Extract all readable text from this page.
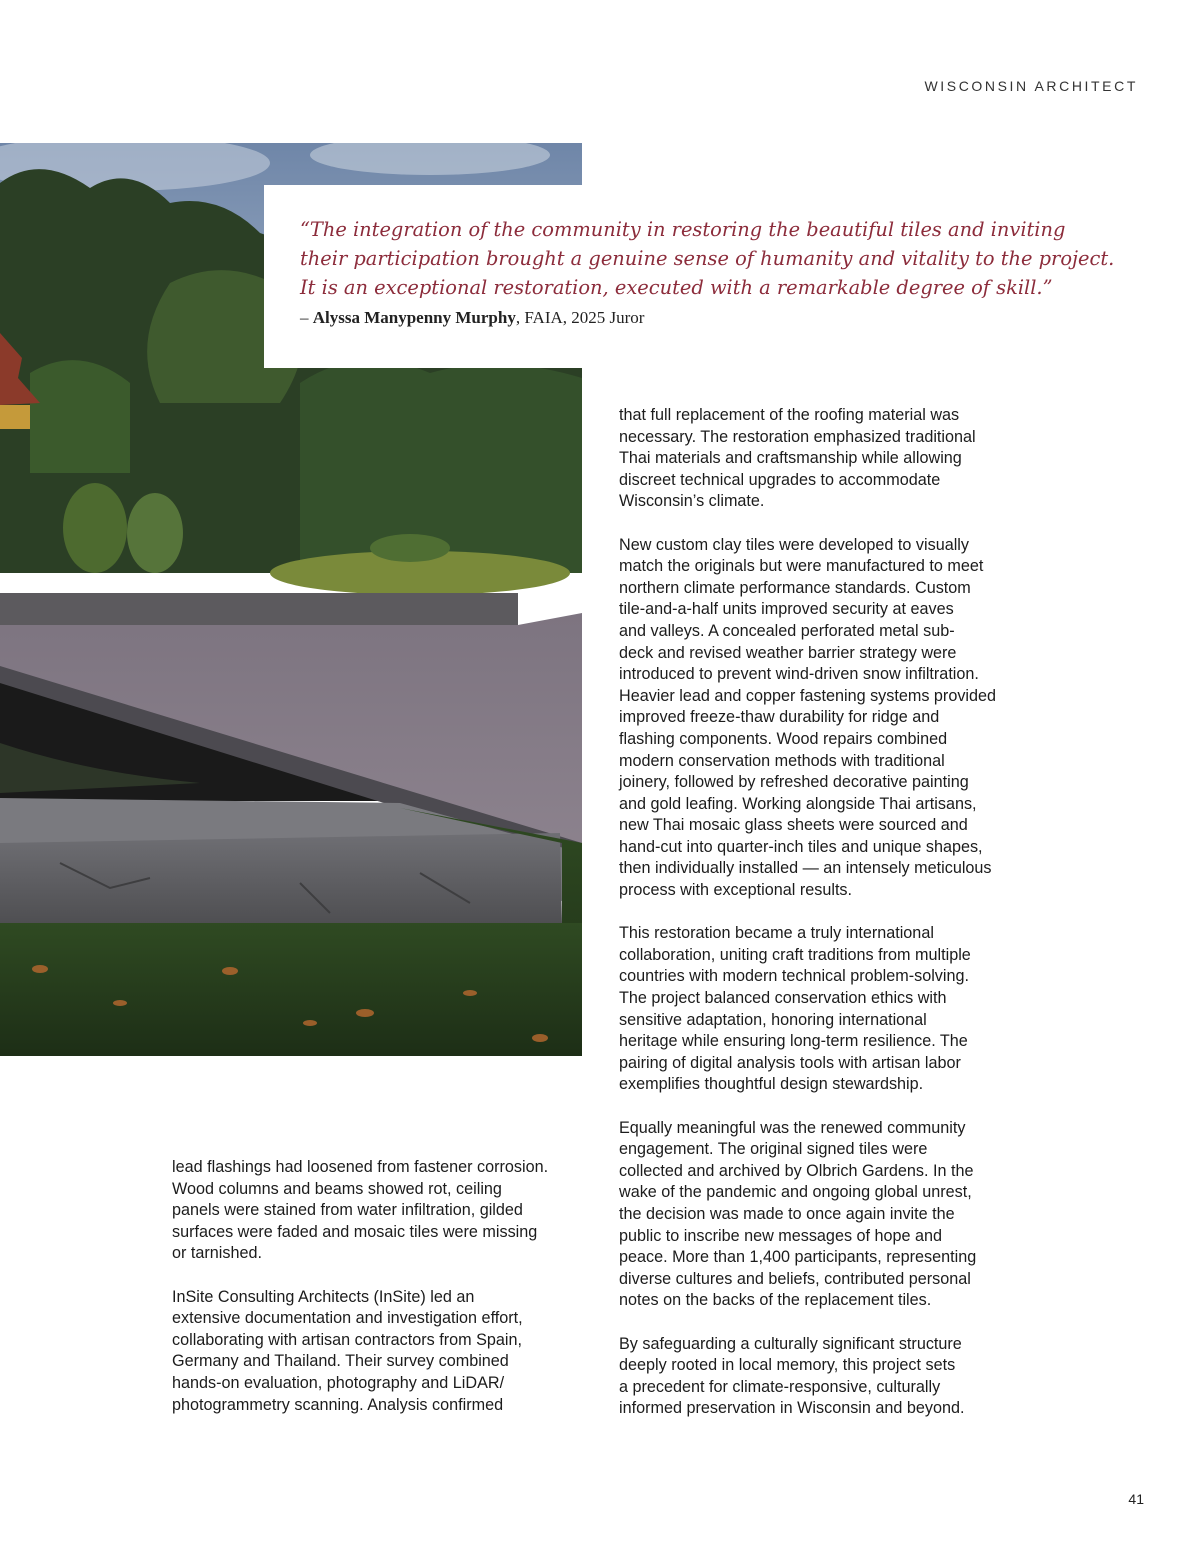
WISCONSIN ARCHITECT

“The integration of the community in restoring the beautiful tiles and inviting
their participation brought a genuine sense of humanity and vitality to the project.
It is an exceptional restoration, executed with a remarkable degree of skill.”

– Alyssa Manypenny Murphy, FAIA, 2025 Juror

that full replacement of the roofing material was
necessary. The restoration emphasized traditional
Thai materials and craftsmanship while allowing
discreet technical upgrades to accommodate
Wisconsin’s climate.

New custom clay tiles were developed to visually
match the originals but were manufactured to meet
northern climate performance standards. Custom
tile-and-a-half units improved security at eaves
and valleys. A concealed perforated metal sub-
deck and revised weather barrier strategy were
introduced to prevent wind-driven snow infiltration.
Heavier lead and copper fastening systems provided
improved freeze-thaw durability for ridge and
flashing components. Wood repairs combined
modern conservation methods with traditional
joinery, followed by refreshed decorative painting
and gold leafing. Working alongside Thai artisans,
new Thai mosaic glass sheets were sourced and
hand-cut into quarter-inch tiles and unique shapes,
then individually installed — an intensely meticulous
process with exceptional results.

This restoration became a truly international
collaboration, uniting craft traditions from multiple
countries with modern technical problem-solving.
The project balanced conservation ethics with
sensitive adaptation, honoring international
heritage while ensuring long-term resilience. The
pairing of digital analysis tools with artisan labor
exemplifies thoughtful design stewardship.

Equally meaningful was the renewed community
engagement. The original signed tiles were
collected and archived by Olbrich Gardens. In the
wake of the pandemic and ongoing global unrest,
the decision was made to once again invite the
public to inscribe new messages of hope and
peace. More than 1,400 participants, representing
diverse cultures and beliefs, contributed personal
notes on the backs of the replacement tiles.

By safeguarding a culturally significant structure
deeply rooted in local memory, this project sets
a precedent for climate-responsive, culturally
informed preservation in Wisconsin and beyond.

lead flashings had loosened from fastener corrosion.
Wood columns and beams showed rot, ceiling
panels were stained from water infiltration, gilded
surfaces were faded and mosaic tiles were missing
or tarnished.

InSite Consulting Architects (InSite) led an
extensive documentation and investigation effort,
collaborating with artisan contractors from Spain,
Germany and Thailand. Their survey combined
hands-on evaluation, photography and LiDAR/
photogrammetry scanning. Analysis confirmed

41
